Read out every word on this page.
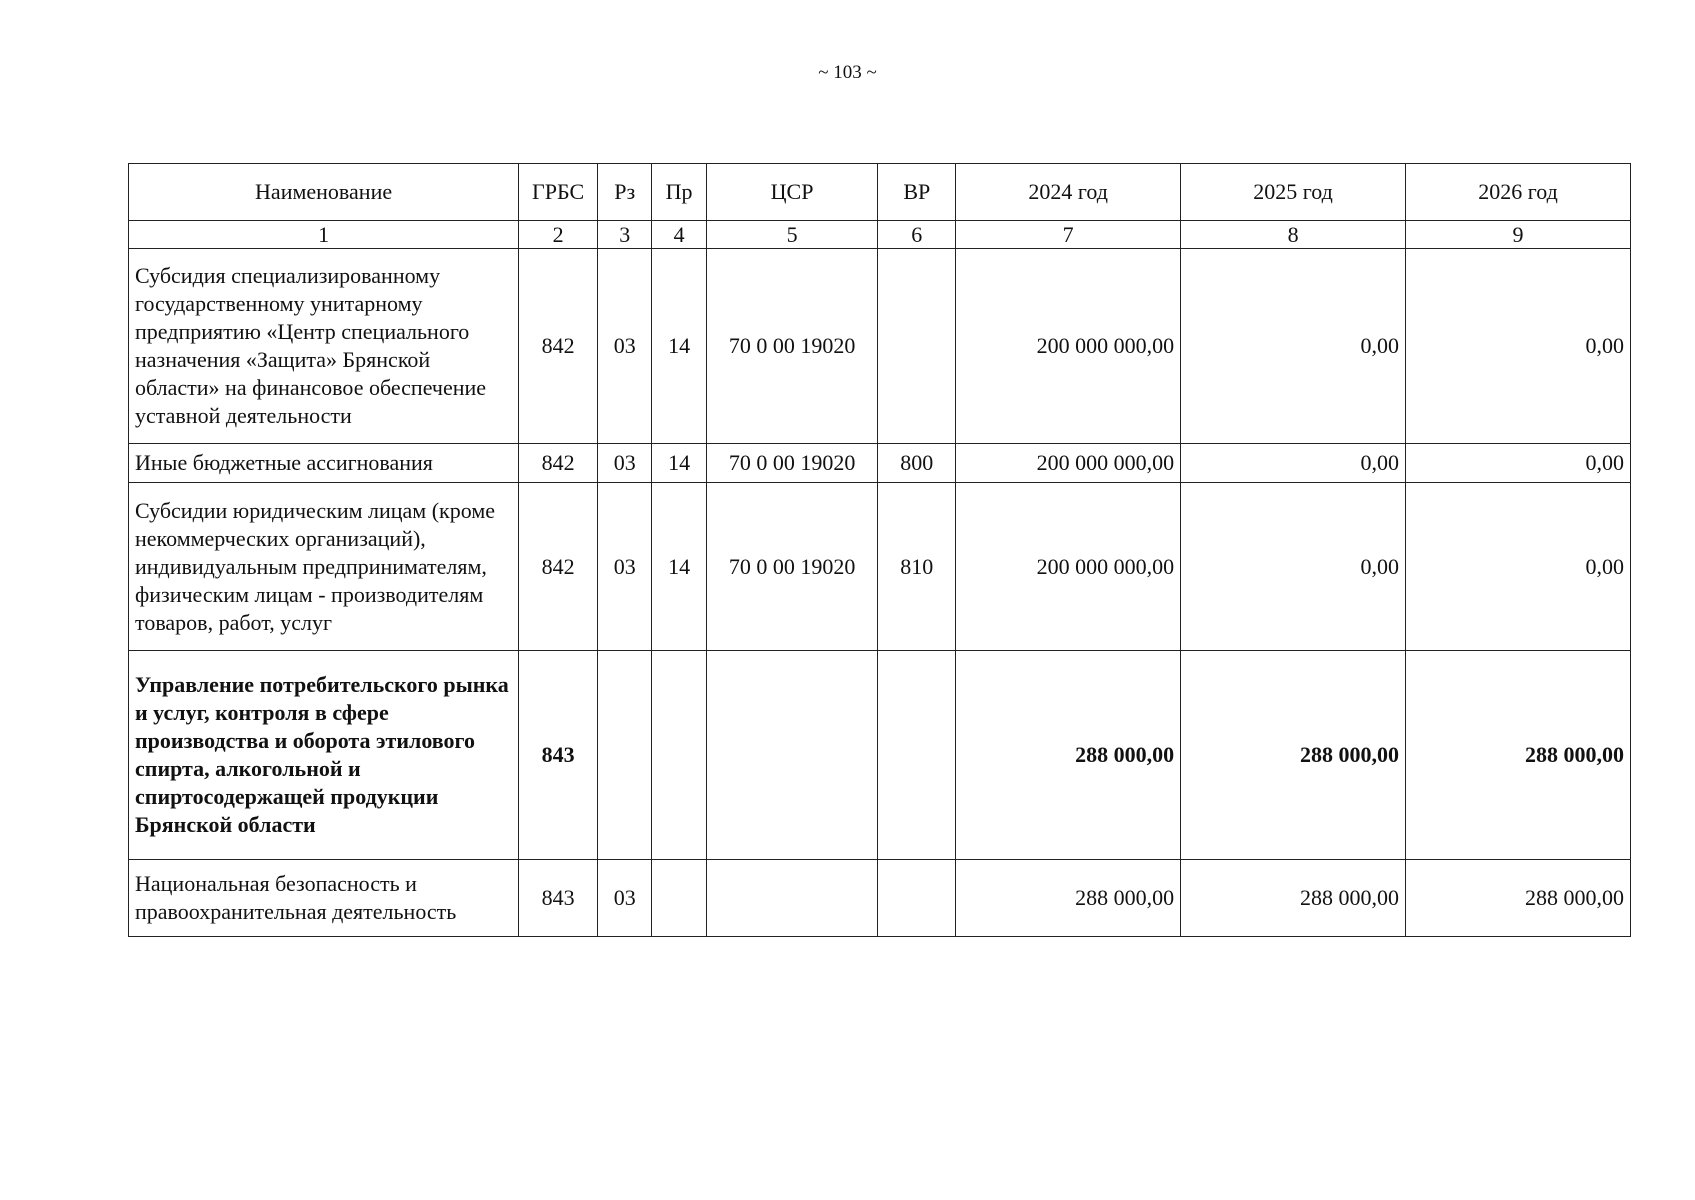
~ 103 ~
Наименование	ГРБС	Рз	Пр	ЦСР	ВР	2024 год	2025 год	2026 год
1	2	3	4	5	6	7	8	9
Субсидия специализированному государственному унитарному предприятию «Центр специального назначения «Защита» Брянской области» на финансовое обеспечение уставной деятельности	842	03	14	70 0 00 19020		200 000 000,00	0,00	0,00
Иные бюджетные ассигнования	842	03	14	70 0 00 19020	800	200 000 000,00	0,00	0,00
Субсидии юридическим лицам (кроме некоммерческих организаций), индивидуальным предпринимателям, физическим лицам - производителям товаров, работ, услуг	842	03	14	70 0 00 19020	810	200 000 000,00	0,00	0,00
Управление потребительского рынка и услуг, контроля в сфере производства и оборота этилового спирта, алкогольной и спиртосодержащей продукции Брянской области	843					288 000,00	288 000,00	288 000,00
Национальная безопасность и правоохранительная деятельность	843	03				288 000,00	288 000,00	288 000,00
